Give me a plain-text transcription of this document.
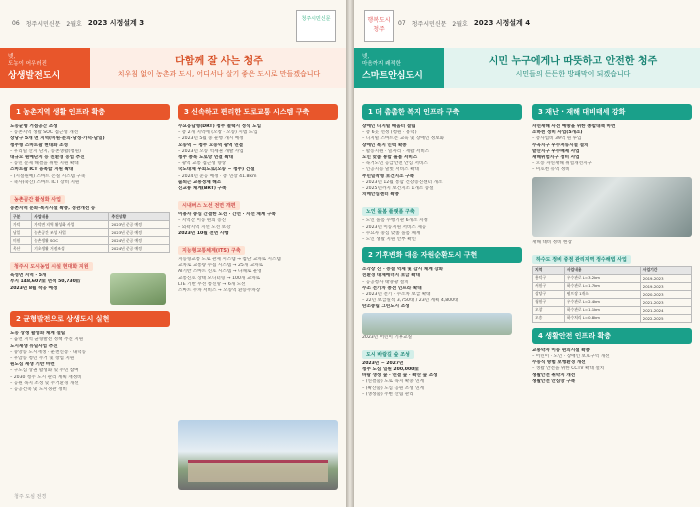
06 청주시민신문 2월호 2023 시정설계 3	청주시민신문
넷,
도농이 어우러진
상생발전도시
다함께 잘 사는 청주
치우침 없이 농촌과 도시, 어디서나 살기 좋은 도시로 만들겠습니다
1 농촌지역 생활 인프라 확충
도농균형 거점공간 조성
– 농촌지역 생활 SOC 접근성 개선
상당구 5개 면 지역(미원·문의·낭성·가덕·남일)
청주형 스마트팜 현대화 조성
– 우리밀 산지 단지, 농촌생활(청원)
대규모 원예단지 등 친환경 농업 추진
– 농민 문제 해결을 위한 지원 확대
스마트팜 ICT 융복합 지원 확대
– (시설원예) 스마트 온실 시스템 구축
– 축사(축산) 스마트 ICT 장비 지원
농촌공간 활성화 사업
농촌지역 문화·복지시설 확충, 경관개선 등
구분	사업내용	추진상황
가덕	가덕면 지역 활성화 사업	2023년 준공 예정
남일	농촌공간 조성 사업	2023년 준공 예정
미원	농촌생활 SOC	2024년 준공 예정
옥산	기초생활 거점조성	2024년 준공 예정
청주시 도시농업 시설 현대화 지원
육성면 지역 · 5개
부지 148,607㎡ 면적 50,730㎡
2023년 8월 착공 예정
2 균형발전으로 상생도시 실현
도농 상생 활성화 체계 설립
– 읍면 지역 균형발전 정책 추진 지원
도시재생 뉴딜사업 추진
– 중앙동 도시재생 · 운천신봉 · 내덕동
– 우암동 청년 주거 및 창업 지원
원도심 재생 기반 마련
– 구도심 상권 활성화 및 주민 참여
– 2030 청주 도시 관리 계획 재정비
– 공원 녹지 조성 및 주거환경 개선
– 공공건축 및 도시경관 정비
3 신속하고 편리한 도로교통 시스템 구축
수요응답형(DRT) 청주 콜택시 정식 도입
– 총 2개 지역에 (오창 · 오송) 시범 도입
– 2023년 5월 중 운행 개시 예정
오송역 ~ 청주 오송역 광역 연결
– 2023년 오송 역세권 개발 사업
청주 충북 도로망 연결 확대
– 광역 교통 접근성 향상
국도대체 우회도로(오송 ~ 청주) 건설
– 2024년 준공 예정 · 총 연장 41.8km
출퇴근 교통정체 해소
신교통 체계(BRT) 구축
시내버스 노선 전면 개편
이용자 중심 간결한 노선 · 간선 · 지선 체계 구축
– 지역간 이동 편의 증진
– 외곽지역 지선 노선 보강
2023년 10월 전면 시행
지능형교통체계(ITS) 구축
지능형교통 도로 관제 시스템 → 첨단 교차로 시스템
교차로 교통량 수집 시스템 → 25개 교차로
AI기반 스마트 신호 시스템 → 다채로 운영
교통신호 상태 모니터링 → 100개 교차로
LTE 기반 무선 통신망 → 6개 노선
스마트 주차 서비스 → 오송역 환승주차장
청주 도심 전경
행복도시 청주
07 청주시민신문 2월호 2023 시정설계 4
넷,
마음까지 쾌적한
스마트안심도시
시민 누구에게나 따뜻하고 안전한 청주
시민들의 든든한 방패막이 되겠습니다
1 더 촘촘한 복지 인프라 구축
장애인 디지털 배움터 설립
– 총 6곳 선정 (청원 · 흥덕)
– 디지털 스마트폰 교육 및 장애인 정보화
장애인 복지 인력 확충
– 활동지원 · 일자리 · 재활 서비스
노인 맞춤 통합 돌봄 서비스
– 독거노인 응급안전 안심 서비스
– 인공지능 말벗 서비스 확대
주민밀착형 보건지소 구축
– 2023년 12월 통합 건강증진센터 개소
– 2025년까지 보건지소 1개소 증설
치매안심센터 확충
노인 돌봄 플랫폼 구축
– 노인 돌봄 수행기관 6개소 지정
– 2023년 이동지원 서비스 제공
– 수요자 중심 맞춤 돌봄 체계
– 노인 생활 지원 안부 확인
2 기후변화 대응 자원순환도시 구현
소각장 신 · 증설 억제 및 감시 체계 강화
친환경 대체에너지 보급 확대
– 공공청사 태양광 설치
수소 전기차 충전 인프라 확대
– 2023년 전기 · 수소차 보급 확대
– 22년 보급실적 3,750대 / 23년 계획 4,800대
탄소중립 그린도시 조성
2023년 어린이 기후교실
도시 바람길 숲 조성
2023년 ~ 2027년
청주 도심 일원 200,000㎡
바람 생성 숲 · 연결 숲 · 확산 숲 조성
– (연결숲) 도로 녹지 확충 연계
– (확산숲) 도심 공원 조성 연계
– (생성숲) 주변 산림 관리
3 재난 · 재해 대비태세 강화
자연재해 사전 예방을 위한 종합대책 마련
소하천 정비 사업(5개소)
– 총사업비 39억 원 투입
수곡지구 우수저류시설 설치
발산지구 우수배제 사업
재해위험지구 정비 사업
– 오송 자연재해 위험개선지구
– 미호천 유역 정비
재해 대비 정비 현장
하수도 정비 중점 관리지역 정수해법 사업
지역	사업내용	사업기간
흥덕구	우수관로 L=3.2km	2019-2023
서원구	하수관로 L=1.7km	2019-2023
상당구	펌프장 1개소	2020-2023
청원구	우수관로 L=2.4km	2021-2023
오창	하수관로 L=1.1km	2021-2024
오송	하수처리 L=0.8km	2022-2025
4 생활안전 인프라 확충
교통약자 이동 편의시설 확충
– 어린이 · 노인 · 장애인 보호구역 개선
수동식 방범 보행환경 개선
– 생활 안전을 위한 CCTV 확대 설치
생활안전 취약지 개선
생활안전 안심망 구축
